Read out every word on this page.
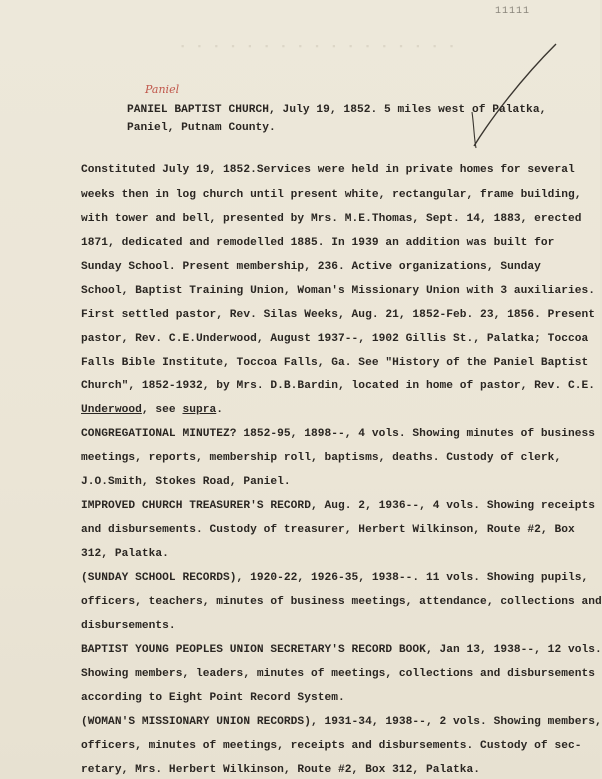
11111
▪ ▪ ▪ ▪ ▪ ▪ ▪ ▪ ▪ ▪ ▪ ▪ ▪ ▪ ▪ ▪ ▪
Paniel
PANIEL BAPTIST CHURCH, July 19, 1852. 5 miles west of Palatka,
Paniel, Putnam County.
Constituted July 19, 1852.Services were held in private homes for several
weeks then in log church until present white, rectangular, frame building,
with tower and bell, presented by Mrs. M.E.Thomas, Sept. 14, 1883, erected
1871, dedicated and remodelled 1885. In 1939 an addition was built for
Sunday School. Present membership, 236. Active organizations, Sunday
School, Baptist Training Union, Woman's Missionary Union with 3 auxiliaries.
First settled pastor, Rev. Silas Weeks, Aug. 21, 1852-Feb. 23, 1856. Present
pastor, Rev. C.E.Underwood, August 1937--, 1902 Gillis St., Palatka; Toccoa
Falls Bible Institute, Toccoa Falls, Ga. See "History of the Paniel Baptist
Church", 1852-1932, by Mrs. D.B.Bardin, located in home of pastor, Rev. C.E.
Underwood, see supra.
CONGREGATIONAL MINUTEZ? 1852-95, 1898--, 4 vols. Showing minutes of business
meetings, reports, membership roll, baptisms, deaths. Custody of clerk,
J.O.Smith, Stokes Road, Paniel.
IMPROVED CHURCH TREASURER'S RECORD, Aug. 2, 1936--, 4 vols. Showing receipts
and disbursements. Custody of treasurer, Herbert Wilkinson, Route #2, Box
312, Palatka.
(SUNDAY SCHOOL RECORDS), 1920-22, 1926-35, 1938--. 11 vols. Showing pupils,
officers, teachers, minutes of business meetings, attendance, collections and
disbursements.
BAPTIST YOUNG PEOPLES UNION SECRETARY'S RECORD BOOK, Jan 13, 1938--, 12 vols.
Showing members, leaders, minutes of meetings, collections and disbursements
according to Eight Point Record System.
(WOMAN'S MISSIONARY UNION RECORDS), 1931-34, 1938--, 2 vols. Showing members,
officers, minutes of meetings, receipts and disbursements. Custody of sec-
retary, Mrs. Herbert Wilkinson, Route #2, Box 312, Palatka.
